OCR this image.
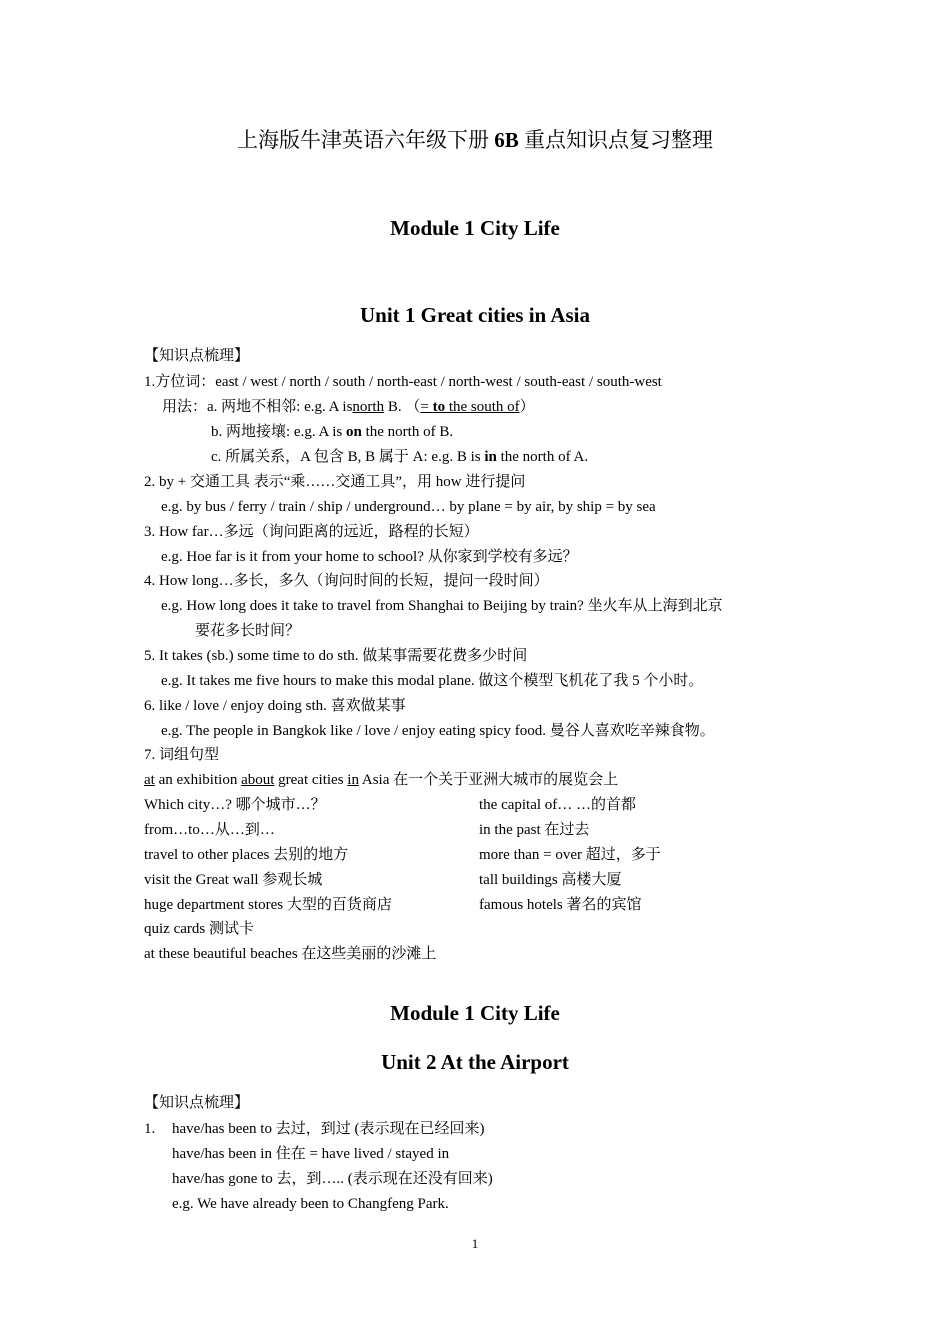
上海版牛津英语六年级下册 6B 重点知识点复习整理
Module 1 City Life
Unit 1 Great cities in Asia
【知识点梳理】
1.方位词：east / west / north / south / north-east / north-west / south-east / south-west
用法：a. 两地不相邻: e.g. A isnorth B. （= to the south of）
b. 两地接壤: e.g. A is on the north of B.
c. 所属关系，A 包含 B, B 属于 A: e.g. B is in the north of A.
2. by + 交通工具 表示“乘……交通工具”，用 how 进行提问
e.g. by bus / ferry / train / ship / underground… by plane = by air, by ship = by sea
3. How far…多远（询问距离的远近，路程的长短）
e.g. Hoe far is it from your home to school? 从你家到学校有多远？
4. How long…多长，多久（询问时间的长短，提问一段时间）
e.g. How long does it take to travel from Shanghai to Beijing by train? 坐火车从上海到北京
要花多长时间？
5. It takes (sb.) some time to do sth. 做某事需要花费多少时间
e.g. It takes me five hours to make this modal plane. 做这个模型飞机花了我 5 个小时。
6. like / love / enjoy doing sth. 喜欢做某事
e.g. The people in Bangkok like / love / enjoy eating spicy food. 曼谷人喜欢吃辛辣食物。
7. 词组句型
at an exhibition about great cities in Asia 在一个关于亚洲大城市的展览会上
Which city…? 哪个城市…？	the capital of… …的首都
from…to…从…到…	in the past 在过去
travel to other places 去别的地方	more than = over 超过，多于
visit the Great wall 参观长城	tall buildings 高楼大厦
huge department stores 大型的百货商店	famous hotels 著名的宾馆
quiz cards 测试卡
at these beautiful beaches 在这些美丽的沙滩上
Module 1 City Life
Unit 2 At the Airport
【知识点梳理】
1. have/has been to 去过，到过 (表示现在已经回来)
have/has been in 住在 = have lived / stayed in
have/has gone to 去，到….. (表示现在还没有回来)
e.g. We have already been to Changfeng Park.
1
